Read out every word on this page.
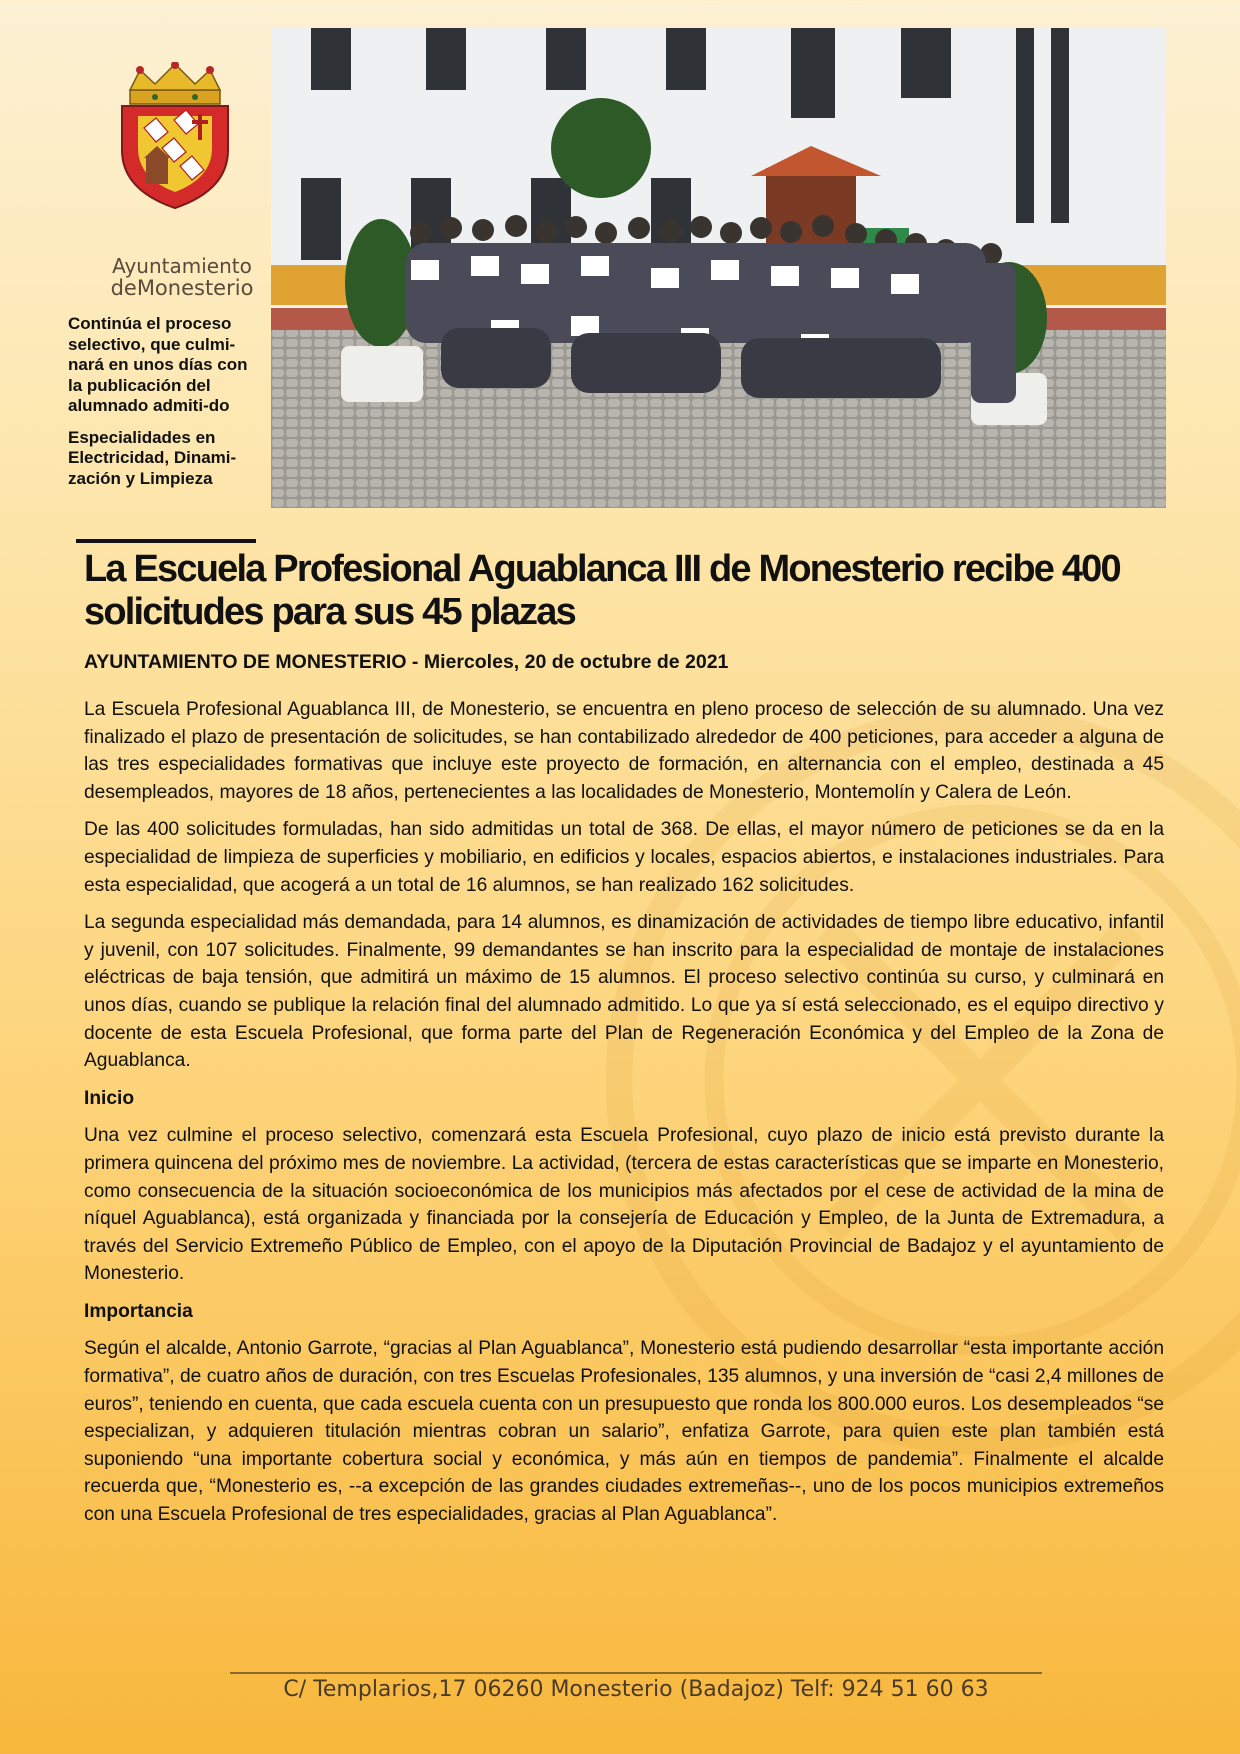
Ayuntamiento
deMonesterio

Continúa el proceso selectivo, que culmi-nará en unos días con la publicación del alumnado admiti-do

Especialidades en Electricidad, Dinami-zación y Limpieza

La Escuela Profesional Aguablanca III de Monesterio recibe 400 solicitudes para sus 45 plazas
AYUNTAMIENTO DE MONESTERIO - Miercoles, 20 de octubre de 2021

La Escuela Profesional Aguablanca III, de Monesterio, se encuentra en pleno proceso de selección de su alumnado. Una vez finalizado el plazo de presentación de solicitudes, se han contabilizado alrededor de 400 peticiones, para acceder a alguna de las tres especialidades formativas que incluye este proyecto de formación, en alternancia con el empleo, destinada a 45 desempleados, mayores de 18 años, pertenecientes a las localidades de Monesterio, Montemolín y Calera de León.

De las 400 solicitudes formuladas, han sido admitidas un total de 368. De ellas, el mayor número de peticiones se da en la especialidad de limpieza de superficies y mobiliario, en edificios y locales, espacios abiertos, e instalaciones industriales. Para esta especialidad, que acogerá a un total de 16 alumnos, se han realizado 162 solicitudes.

La segunda especialidad más demandada, para 14 alumnos, es dinamización de actividades de tiempo libre educativo, infantil y juvenil, con 107 solicitudes. Finalmente, 99 demandantes se han inscrito para la especialidad de montaje de instalaciones eléctricas de baja tensión, que admitirá un máximo de 15 alumnos. El proceso selectivo continúa su curso, y culminará en unos días, cuando se publique la relación final del alumnado admitido. Lo que ya sí está seleccionado, es el equipo directivo y docente de esta Escuela Profesional, que forma parte del Plan de Regeneración Económica y del Empleo de la Zona de Aguablanca.

Inicio

Una vez culmine el proceso selectivo, comenzará esta Escuela Profesional, cuyo plazo de inicio está previsto durante la primera quincena del próximo mes de noviembre. La actividad, (tercera de estas características que se imparte en Monesterio, como consecuencia de la situación socioeconómica de los municipios más afectados por el cese de actividad de la mina de níquel Aguablanca), está organizada y financiada por la consejería de Educación y Empleo, de la Junta de Extremadura, a través del Servicio Extremeño Público de Empleo, con el apoyo de la Diputación Provincial de Badajoz y el ayuntamiento de Monesterio.

Importancia

Según el alcalde, Antonio Garrote, “gracias al Plan Aguablanca”, Monesterio está pudiendo desarrollar “esta importante acción formativa”, de cuatro años de duración, con tres Escuelas Profesionales, 135 alumnos, y una inversión de “casi 2,4 millones de euros”, teniendo en cuenta, que cada escuela cuenta con un presupuesto que ronda los 800.000 euros. Los desempleados “se especializan, y adquieren titulación mientras cobran un salario”, enfatiza Garrote, para quien este plan también está suponiendo “una importante cobertura social y económica, y más aún en tiempos de pandemia”. Finalmente el alcalde recuerda que, “Monesterio es, --a excepción de las grandes ciudades extremeñas--, uno de los pocos municipios extremeños con una Escuela Profesional de tres especialidades, gracias al Plan Aguablanca”.

C/ Templarios,17 06260 Monesterio (Badajoz) Telf: 924 51 60 63
